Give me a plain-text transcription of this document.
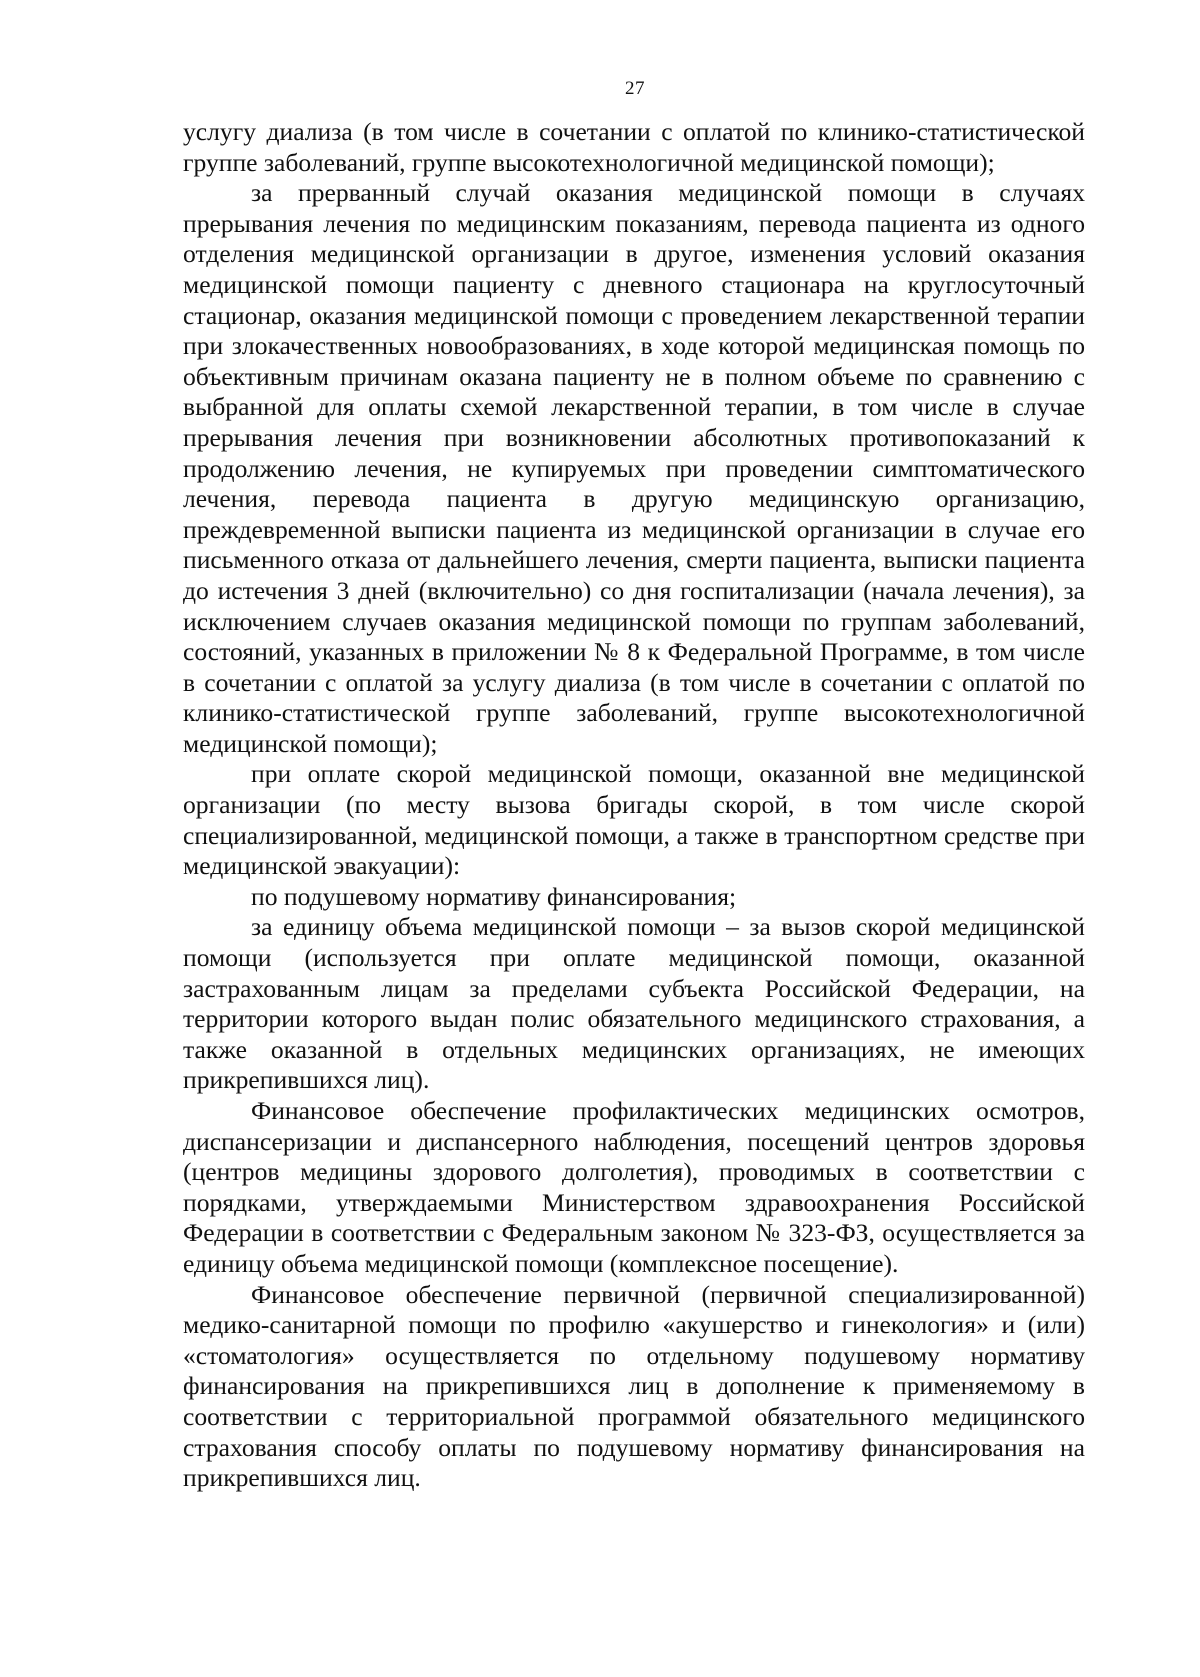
27

услугу диализа (в том числе в сочетании с оплатой по клинико-статистической группе заболеваний, группе высокотехнологичной медицинской помощи);

за прерванный случай оказания медицинской помощи в случаях прерывания лечения по медицинским показаниям, перевода пациента из одного отделения медицинской организации в другое, изменения условий оказания медицинской помощи пациенту с дневного стационара на круглосуточный стационар, оказания медицинской помощи с проведением лекарственной терапии при злокачественных новообразованиях, в ходе которой медицинская помощь по объективным причинам оказана пациенту не в полном объеме по сравнению с выбранной для оплаты схемой лекарственной терапии, в том числе в случае прерывания лечения при возникновении абсолютных противопоказаний к продолжению лечения, не купируемых при проведении симптоматического лечения, перевода пациента в другую медицинскую организацию, преждевременной выписки пациента из медицинской организации в случае его письменного отказа от дальнейшего лечения, смерти пациента, выписки пациента до истечения 3 дней (включительно) со дня госпитализации (начала лечения), за исключением случаев оказания медицинской помощи по группам заболеваний, состояний, указанных в приложении № 8 к Федеральной Программе, в том числе в сочетании с оплатой за услугу диализа (в том числе в сочетании с оплатой по клинико-статистической группе заболеваний, группе высокотехнологичной медицинской помощи);

при оплате скорой медицинской помощи, оказанной вне медицинской организации (по месту вызова бригады скорой, в том числе скорой специализированной, медицинской помощи, а также в транспортном средстве при медицинской эвакуации):

по подушевому нормативу финансирования;

за единицу объема медицинской помощи – за вызов скорой медицинской помощи (используется при оплате медицинской помощи, оказанной застрахованным лицам за пределами субъекта Российской Федерации, на территории которого выдан полис обязательного медицинского страхования, а также оказанной в отдельных медицинских организациях, не имеющих прикрепившихся лиц).

Финансовое обеспечение профилактических медицинских осмотров, диспансеризации и диспансерного наблюдения, посещений центров здоровья (центров медицины здорового долголетия), проводимых в соответствии с порядками, утверждаемыми Министерством здравоохранения Российской Федерации в соответствии с Федеральным законом № 323-ФЗ, осуществляется за единицу объема медицинской помощи (комплексное посещение).

Финансовое обеспечение первичной (первичной специализированной) медико-санитарной помощи по профилю «акушерство и гинекология» и (или) «стоматология» осуществляется по отдельному подушевому нормативу финансирования на прикрепившихся лиц в дополнение к применяемому в соответствии с территориальной программой обязательного медицинского страхования способу оплаты по подушевому нормативу финансирования на прикрепившихся лиц.
